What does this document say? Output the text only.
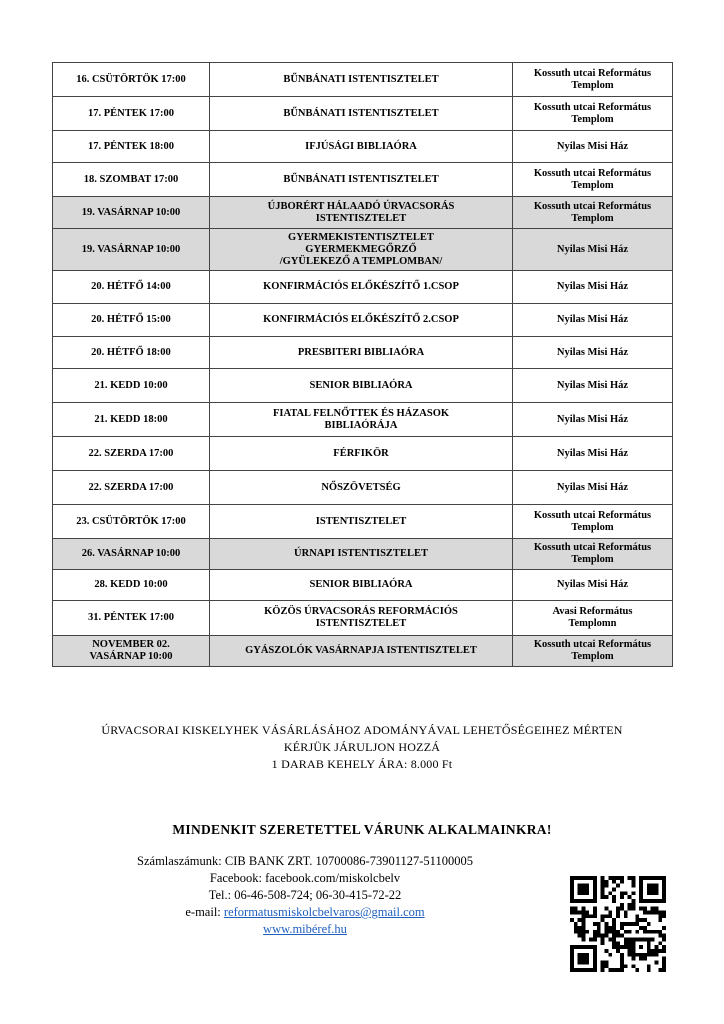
16. CSÜTÖRTÖK 17:00	BŰNBÁNATI ISTENTISZTELET	Kossuth utcai Református
Templom
17. PÉNTEK 17:00	BŰNBÁNATI ISTENTISZTELET	Kossuth utcai Református
Templom
17. PÉNTEK 18:00	IFJÚSÁGI BIBLIAÓRA	Nyilas Misi Ház
18. SZOMBAT 17:00	BŰNBÁNATI ISTENTISZTELET	Kossuth utcai Református
Templom
19. VASÁRNAP 10:00	ÚJBORÉRT HÁLAADÓ ÚRVACSORÁS
ISTENTISZTELET	Kossuth utcai Református
Templom
19. VASÁRNAP 10:00	GYERMEKISTENTISZTELET
GYERMEKMEGŐRZŐ
/GYÜLEKEZŐ A TEMPLOMBAN/	Nyilas Misi Ház
20. HÉTFŐ 14:00	KONFIRMÁCIÓS ELŐKÉSZÍTŐ 1.CSOP	Nyilas Misi Ház
20. HÉTFŐ 15:00	KONFIRMÁCIÓS ELŐKÉSZÍTŐ 2.CSOP	Nyilas Misi Ház
20. HÉTFŐ 18:00	PRESBITERI BIBLIAÓRA	Nyilas Misi Ház
21. KEDD 10:00	SENIOR BIBLIAÓRA	Nyilas Misi Ház
21. KEDD 18:00	FIATAL FELNŐTTEK ÉS HÁZASOK
BIBLIAÓRÁJA	Nyilas Misi Ház
22. SZERDA 17:00	FÉRFIKÖR	Nyilas Misi Ház
22. SZERDA 17:00	NŐSZÖVETSÉG	Nyilas Misi Ház
23. CSÜTÖRTÖK 17:00	ISTENTISZTELET	Kossuth utcai Református
Templom
26. VASÁRNAP 10:00	ÚRNAPI ISTENTISZTELET	Kossuth utcai Református
Templom
28. KEDD 10:00	SENIOR BIBLIAÓRA	Nyilas Misi Ház
31. PÉNTEK 17:00	KÖZÖS ÚRVACSORÁS REFORMÁCIÓS
ISTENTISZTELET	Avasi Református
Templomn
NOVEMBER 02.
VASÁRNAP 10:00	GYÁSZOLÓK VASÁRNAPJA ISTENTISZTELET	Kossuth utcai Református
Templom
ÚRVACSORAI KISKELYHEK VÁSÁRLÁSÁHOZ ADOMÁNYÁVAL LEHETŐSÉGEIHEZ MÉRTEN
KÉRJÜK JÁRULJON HOZZÁ
1 DARAB KEHELY ÁRA: 8.000 Ft
MINDENKIT SZERETETTEL VÁRUNK ALKALMAINKRA!
Számlaszámunk: CIB BANK ZRT. 10700086-73901127-51100005
Facebook: facebook.com/miskolcbelv
Tel.: 06-46-508-724; 06-30-415-72-22
e-mail: reformatusmiskolcbelvaros@gmail.com
www.mibéref.hu
